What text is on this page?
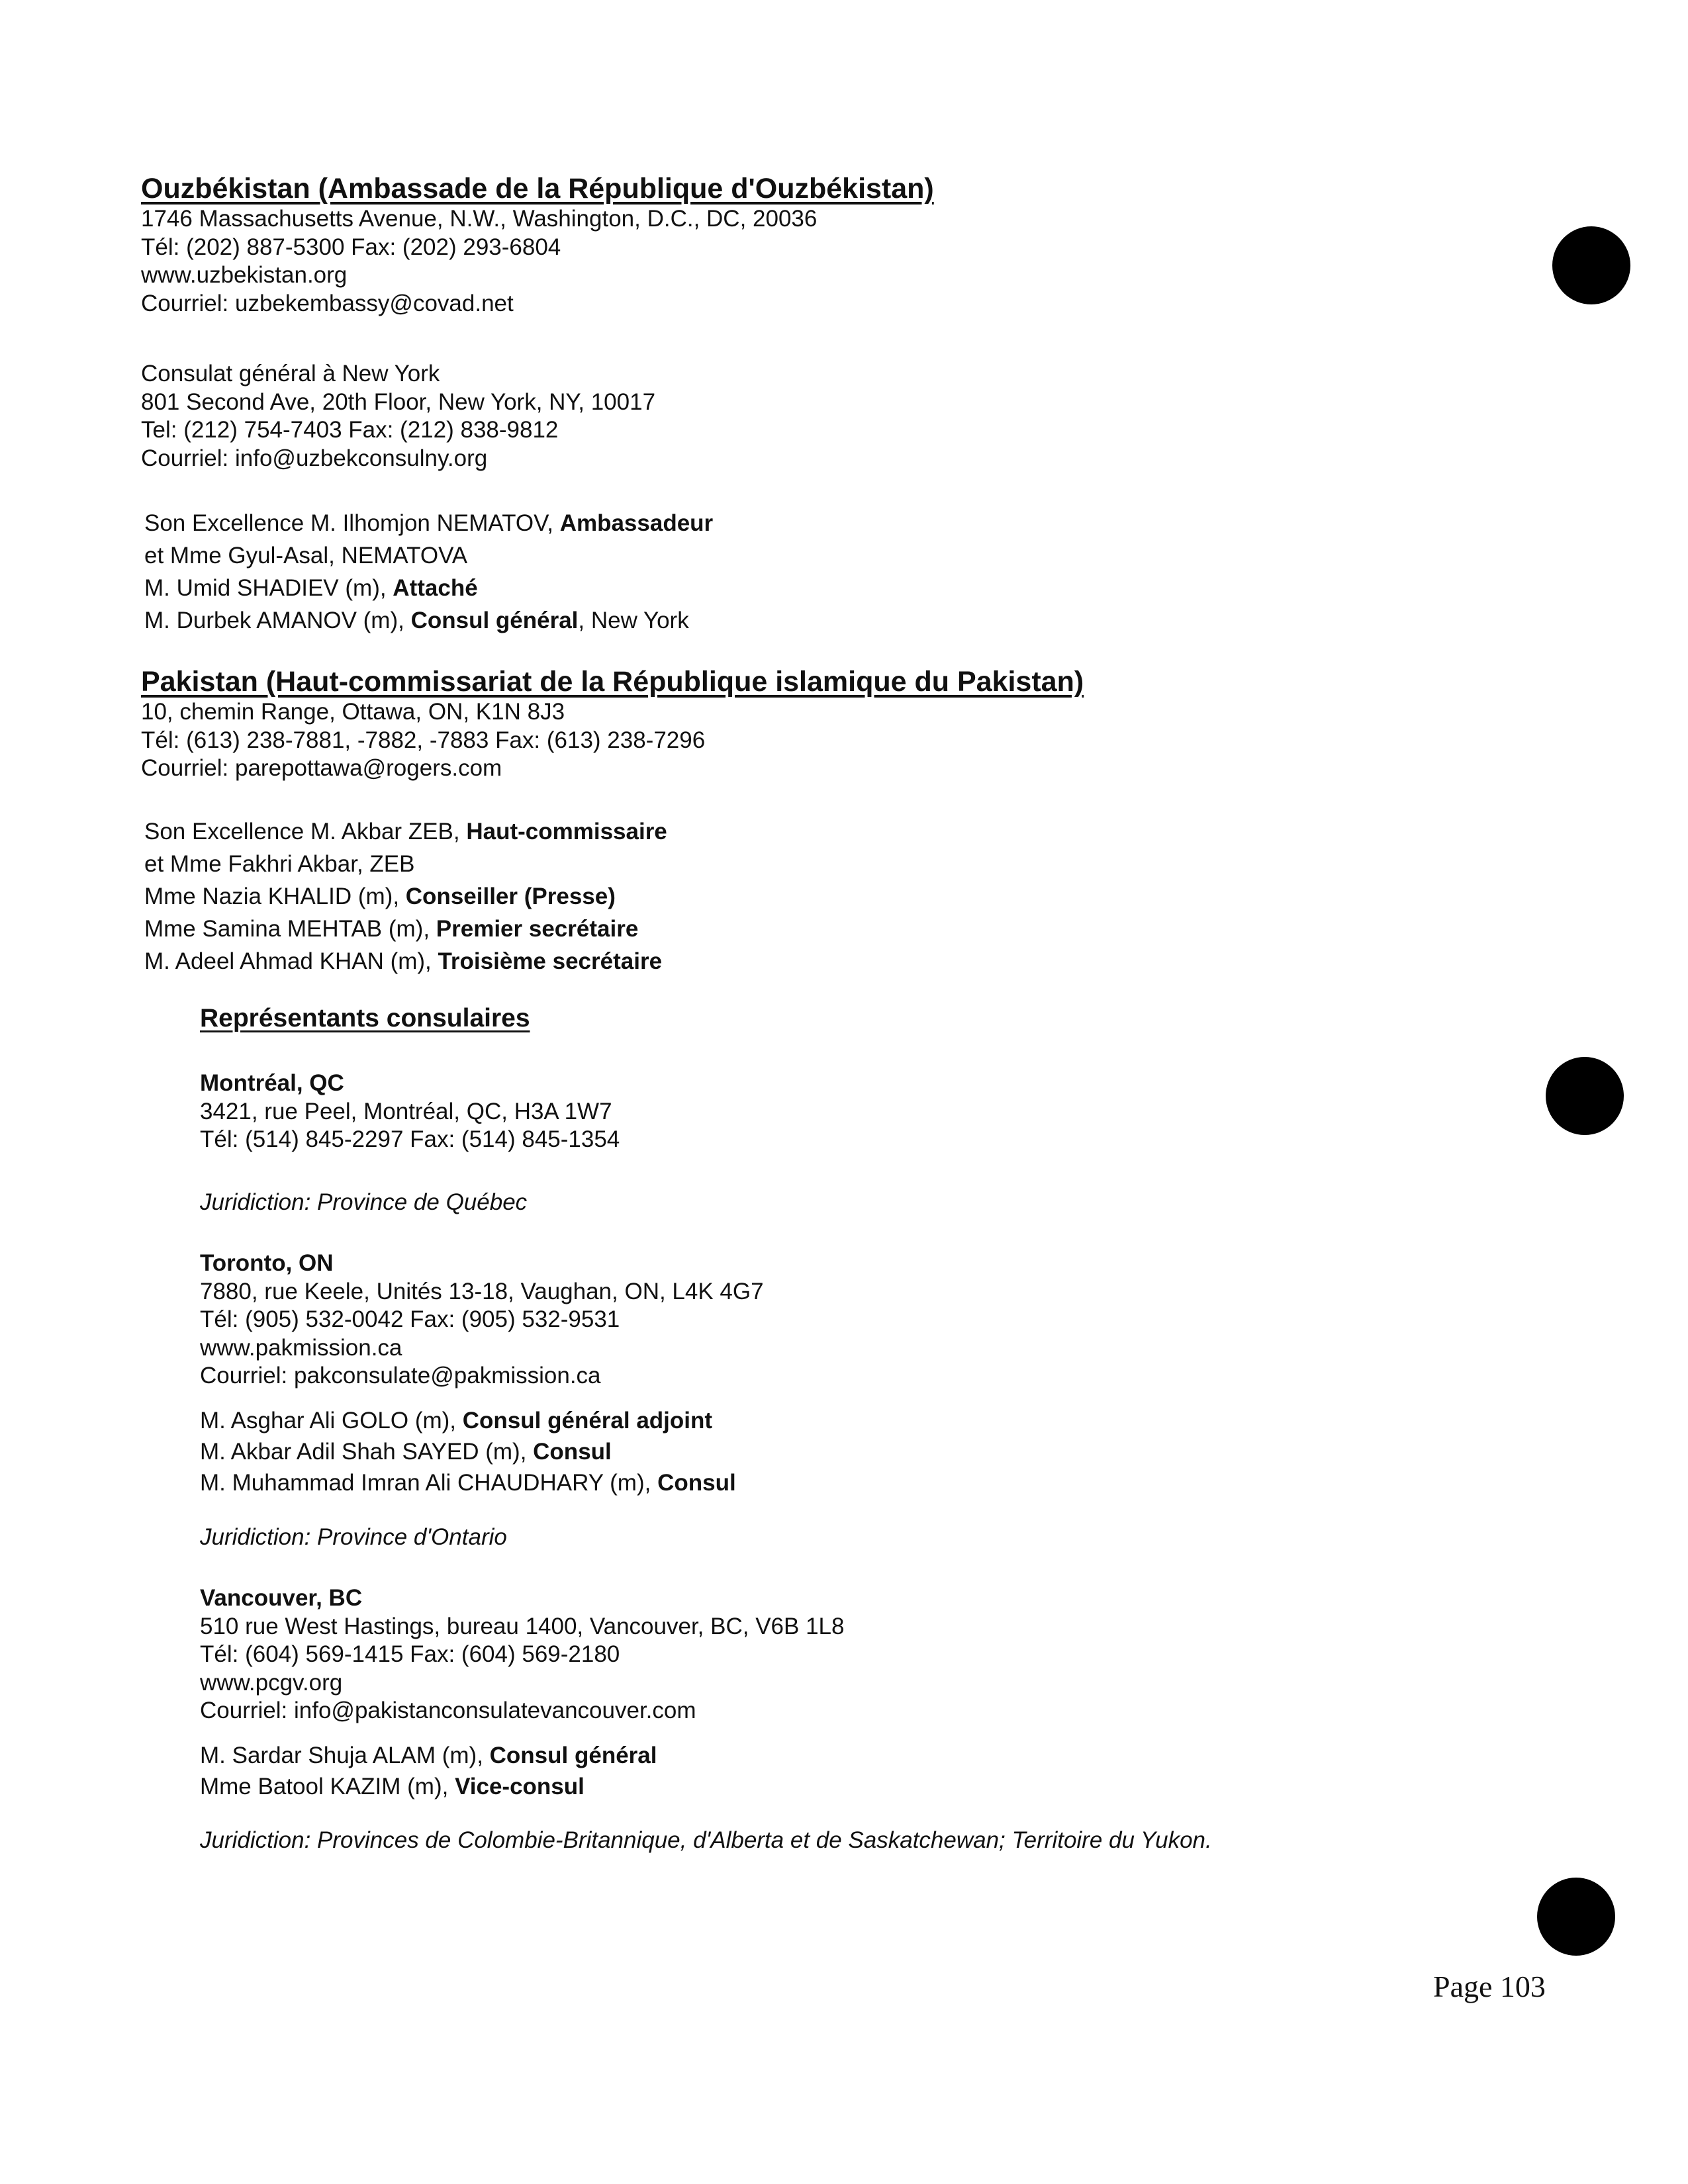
Ouzbékistan (Ambassade de la République d'Ouzbékistan)
1746 Massachusetts Avenue, N.W., Washington, D.C., DC, 20036
Tél: (202) 887-5300 Fax: (202) 293-6804
www.uzbekistan.org
Courriel: uzbekembassy@covad.net
Consulat général à New York
801 Second Ave, 20th Floor, New York, NY, 10017
Tel: (212) 754-7403 Fax: (212) 838-9812
Courriel: info@uzbekconsulny.org
Son Excellence M. Ilhomjon NEMATOV, Ambassadeur
et Mme Gyul-Asal, NEMATOVA
M. Umid SHADIEV (m), Attaché
M. Durbek AMANOV (m), Consul général, New York
Pakistan (Haut-commissariat de la République islamique du Pakistan)
10, chemin Range, Ottawa, ON, K1N 8J3
Tél: (613) 238-7881, -7882, -7883 Fax: (613) 238-7296
Courriel: parepottawa@rogers.com
Son Excellence M. Akbar ZEB, Haut-commissaire
et Mme Fakhri Akbar, ZEB
Mme Nazia KHALID (m), Conseiller (Presse)
Mme Samina MEHTAB (m), Premier secrétaire
M. Adeel Ahmad KHAN (m), Troisième secrétaire
Représentants consulaires
Montréal, QC
3421, rue Peel, Montréal, QC, H3A 1W7
Tél: (514) 845-2297 Fax: (514) 845-1354
Juridiction: Province de Québec
Toronto, ON
7880, rue Keele, Unités 13-18, Vaughan, ON, L4K 4G7
Tél: (905) 532-0042 Fax: (905) 532-9531
www.pakmission.ca
Courriel: pakconsulate@pakmission.ca
M. Asghar Ali GOLO (m), Consul général adjoint
M. Akbar Adil Shah SAYED (m), Consul
M. Muhammad Imran Ali CHAUDHARY (m), Consul
Juridiction: Province d'Ontario
Vancouver, BC
510 rue West Hastings, bureau 1400, Vancouver, BC, V6B 1L8
Tél: (604) 569-1415 Fax: (604) 569-2180
www.pcgv.org
Courriel: info@pakistanconsulatevancouver.com
M. Sardar Shuja ALAM (m), Consul général
Mme Batool KAZIM (m), Vice-consul
Juridiction: Provinces de Colombie-Britannique, d'Alberta et de Saskatchewan; Territoire du Yukon.
Page 103
